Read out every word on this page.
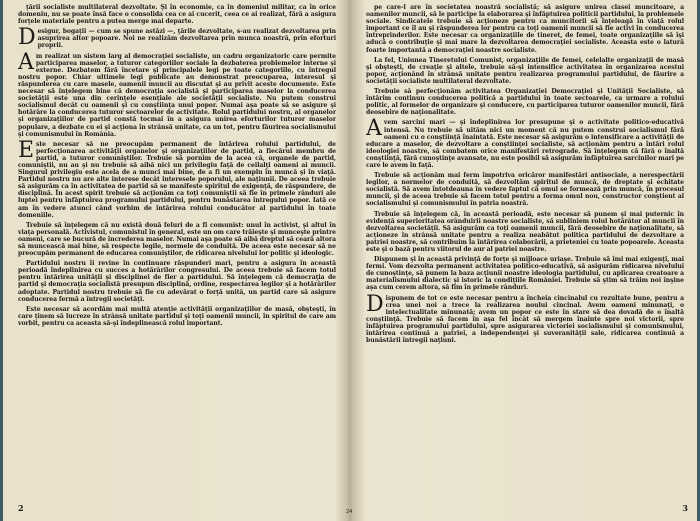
ţării socialiste multilateral dezvoltate. Şi în economie, ca în domeniul militar, ca în orice domeniu, nu se poate însă face o consolida cea ce ai cucerit, ceea ce ai realizat, fără a asigura forţele materiale pentru a putea merge mai departe.

Desigur, bogaţii — cum se spune astăzi —, ţările dezvoltate, s-au realizat dezvoltarea prin asuprirea altor popoare. Noi ne realizăm dezvoltarea prin munca noastră, prin eforturi proprii.

Am realizat un sistem larg al democraţiei socialiste, un cadru organizatoric care permite participarea maselor, a tuturor categoriilor sociale la dezbaterea problemelor interne şi externe. Dezbatem fără încetare şi principalele legi pe toate categoriile, cu întregul nostru popor. Chiar ultimele legi publicate au demonstrat preocuparea, interesul şi răspunderea cu care masele, oamenii muncii au discutat şi au privit aceste documente. Este necesar să înţelegem bine că democraţia socialistă şi participarea maselor la conducerea societăţii este una din cerinţele esenţiale ale societăţii socialiste. Nu putem construi socialismul decât cu oamenii şi cu conştiinţa unui popor. Numai aşa poate să se asigure şi hotărâre la conducerea tuturor sectoarelor de activitate. Rolul partidului nostru, al organelor şi organizaţiilor de partid constă tocmai în a asigura unirea eforturilor tuturor maselor populare, a dezbate cu ei şi acţiona în strânsă unitate, ca un tot, pentru făurirea socialismului şi comunismului în România.

Este necesar să ne preocupăm permanent de întărirea rolului partidului, de perfecţionarea activităţii organelor şi organizaţiilor de partid, a fiecărui membru de partid, a tuturor comuniştilor. Trebuie să pornim de la acea că, organele de partid, comuniştii, nu au şi nu trebuie să aibă nici un privilegiu faţă de ceilalţi oameni ai muncii. Singurul privilegiu este acela de a munci mai bine, de a fi un exemplu în muncă şi în viaţă. Partidul nostru nu are alte interese decât interesele poporului, ale naţiunii. De aceea trebuie să asigurăm ca în activitatea de partid să se manifeste spiritul de exigenţă, de răspundere, de disciplină. În acest spirit trebuie să acţionăm ca toţi comuniştii să fie în primele rânduri ale luptei pentru înfăptuirea programului partidului, pentru bunăstarea întregului popor. Iată ce am în vedere atunci când vorbim de întărirea rolului conducător al partidului în toate domeniile.

Trebuie să înţelegem că nu există două feluri de a fi comunist: unul în activist, şi altul în viaţa personală. Activistul, comunistul în general, este un om care trăieşte şi munceşte printre oameni, care se bucură de încrederea maselor. Numai aşa poate să aibă dreptul să ceară altora să muncească mai bine, să respecte legile, normele de conduită. De aceea este necesar să ne preocupăm permanent de educarea comuniştilor, de ridicarea nivelului lor politic şi ideologic.

Partidului nostru îi revine în continuare răspunderi mari, pentru a asigura în această perioadă îndeplinirea cu succes a hotărârilor congresului. De aceea trebuie să facem totul pentru întărirea unităţii şi disciplinei de fier a partidului. Să înţelegem că democraţia de partid şi democraţia socialistă presupun disciplină, ordine, respectarea legilor şi a hotărârilor adoptate. Partidul nostru trebuie să fie cu adevărat o forţă unită, un partid care să asigure conducerea fermă a întregii societăţi.

Este necesar să acordăm mai multă atenţie activităţii organizaţiilor de masă, obşteşti, în care ţinem să lucreze în strânsă unitate partidul şi toţi oamenii muncii, în spiritul de care am vorbit, pentru ca aceasta să-şi îndeplinească rolul important.

pe care-l are în societatea noastră socialistă; să asigure unirea clasei muncitoare, a oamenilor muncii, să le participe la elaborarea şi înfăptuirea politicii partidului, la problemele sociale. Sindicatele trebuie să acţioneze pentru ca muncitorii să înţeleagă în viaţă rolul important ce îl au şi răspunderea lor pentru ca toţi oamenii muncii să fie activi în conducerea întreprinderilor. Este necesar ca organizaţiile de tineret, de femei, toate organizaţiile să îşi aducă o contribuţie şi mai mare la dezvoltarea democraţiei socialiste. Aceasta este o latură foarte importantă a democraţiei noastre socialiste.

La fel, Uniunea Tineretului Comunist, organizaţiile de femei, celelalte organizaţii de masă şi obşteşti, de creaţie şi altele, trebuie să-şi intensifice activitatea în organizarea acestui popor, acţionând în strânsă unitate pentru realizarea programului partidului, de făurire a societăţii socialiste multilateral dezvoltate.

Trebuie să perfecţionăm activitatea Organizaţiei Democraţiei şi Unităţii Socialiste, să întărim continuu conducerea politică a partidului în toate sectoarele, ca urmare a rolului politic, al formelor de organizare şi conducere, cu participarea tuturor oamenilor muncii, fără deosebire de naţionalitate.

Avem sarcini mari — şi îndeplinirea lor presupune şi o activitate politico-educativă intensă. Nu trebuie să uităm nici un moment că nu putem construi socialismul fără oameni cu o conştiinţă înaintată. Este necesar să asigurăm o intensificare a activităţii de educare a maselor, de dezvoltare a conştiinţei socialiste, să acţionăm pentru a întări rolul ideologiei noastre, să combatem orice manifestări retrograde. Să înţelegem că fără o înaltă conştiinţă, fără cunoştinţe avansate, nu este posibil să asigurăm înfăptuirea sarcinilor mari pe care le avem în faţă.

Trebuie să acţionăm mai ferm împotriva oricăror manifestări antisociale, a nerespectării legilor, a normelor de conduită, să dezvoltăm spiritul de muncă, de dreptate şi echitate socialistă. Să avem întotdeauna în vedere faptul că omul se formează prin muncă, în procesul muncii, şi de aceea trebuie să facem totul pentru a forma omul nou, constructor conştient al socialismului şi comunismului în patria noastră.

Trebuie să înţelegem că, în această perioadă, este necesar să punem şi mai puternic în evidenţă superioritatea orânduirii noastre socialiste, să subliniem rolul hotărâtor al muncii în dezvoltarea societăţii. Să asigurăm ca toţi oamenii muncii, fără deosebire de naţionalitate, să acţioneze în strânsă unitate pentru a realiza neabătut politica partidului de dezvoltare a patriei noastre, să contribuim la întărirea colaborării, a prieteniei cu toate popoarele. Aceasta este şi o bază pentru viitorul de aur al patriei noastre.

Dispunem şi în această privinţă de forţe şi mijloace uriaşe. Trebuie să îmi mai exigenţi, mai fermi. Vom dezvolta permanent activitatea politico-educativă, să asigurăm ridicarea nivelului de cunoştinţe, să punem la baza acţiunii noastre ideologia partidului, cu aplicarea creatoare a materialismului dialectic şi istoric la condiţiile României. Trebuie să ştim să trăim noi înşine aşa cum cerem altora, să fim în primele rânduri.

Dispunem de tot ce este necesar pentru a încheia cincinalul cu rezultate bune, pentru a crea unei noi a trece la realizarea noului cincinal. Avem oameni minunaţi, o intelectualitate minunată; avem un popor ce este în stare să dea dovadă de o înaltă conştiinţă. Trebuie să facem în aşa fel încât să mergem înainte spre noi victorii, spre înfăptuirea programului partidului, spre asigurarea victoriei socialismului şi comunismului, întărirea continuă a patriei, a independenţei şi suveranităţii sale, ridicarea continuă a bunăstării întregii naţiuni.

2	24	3
